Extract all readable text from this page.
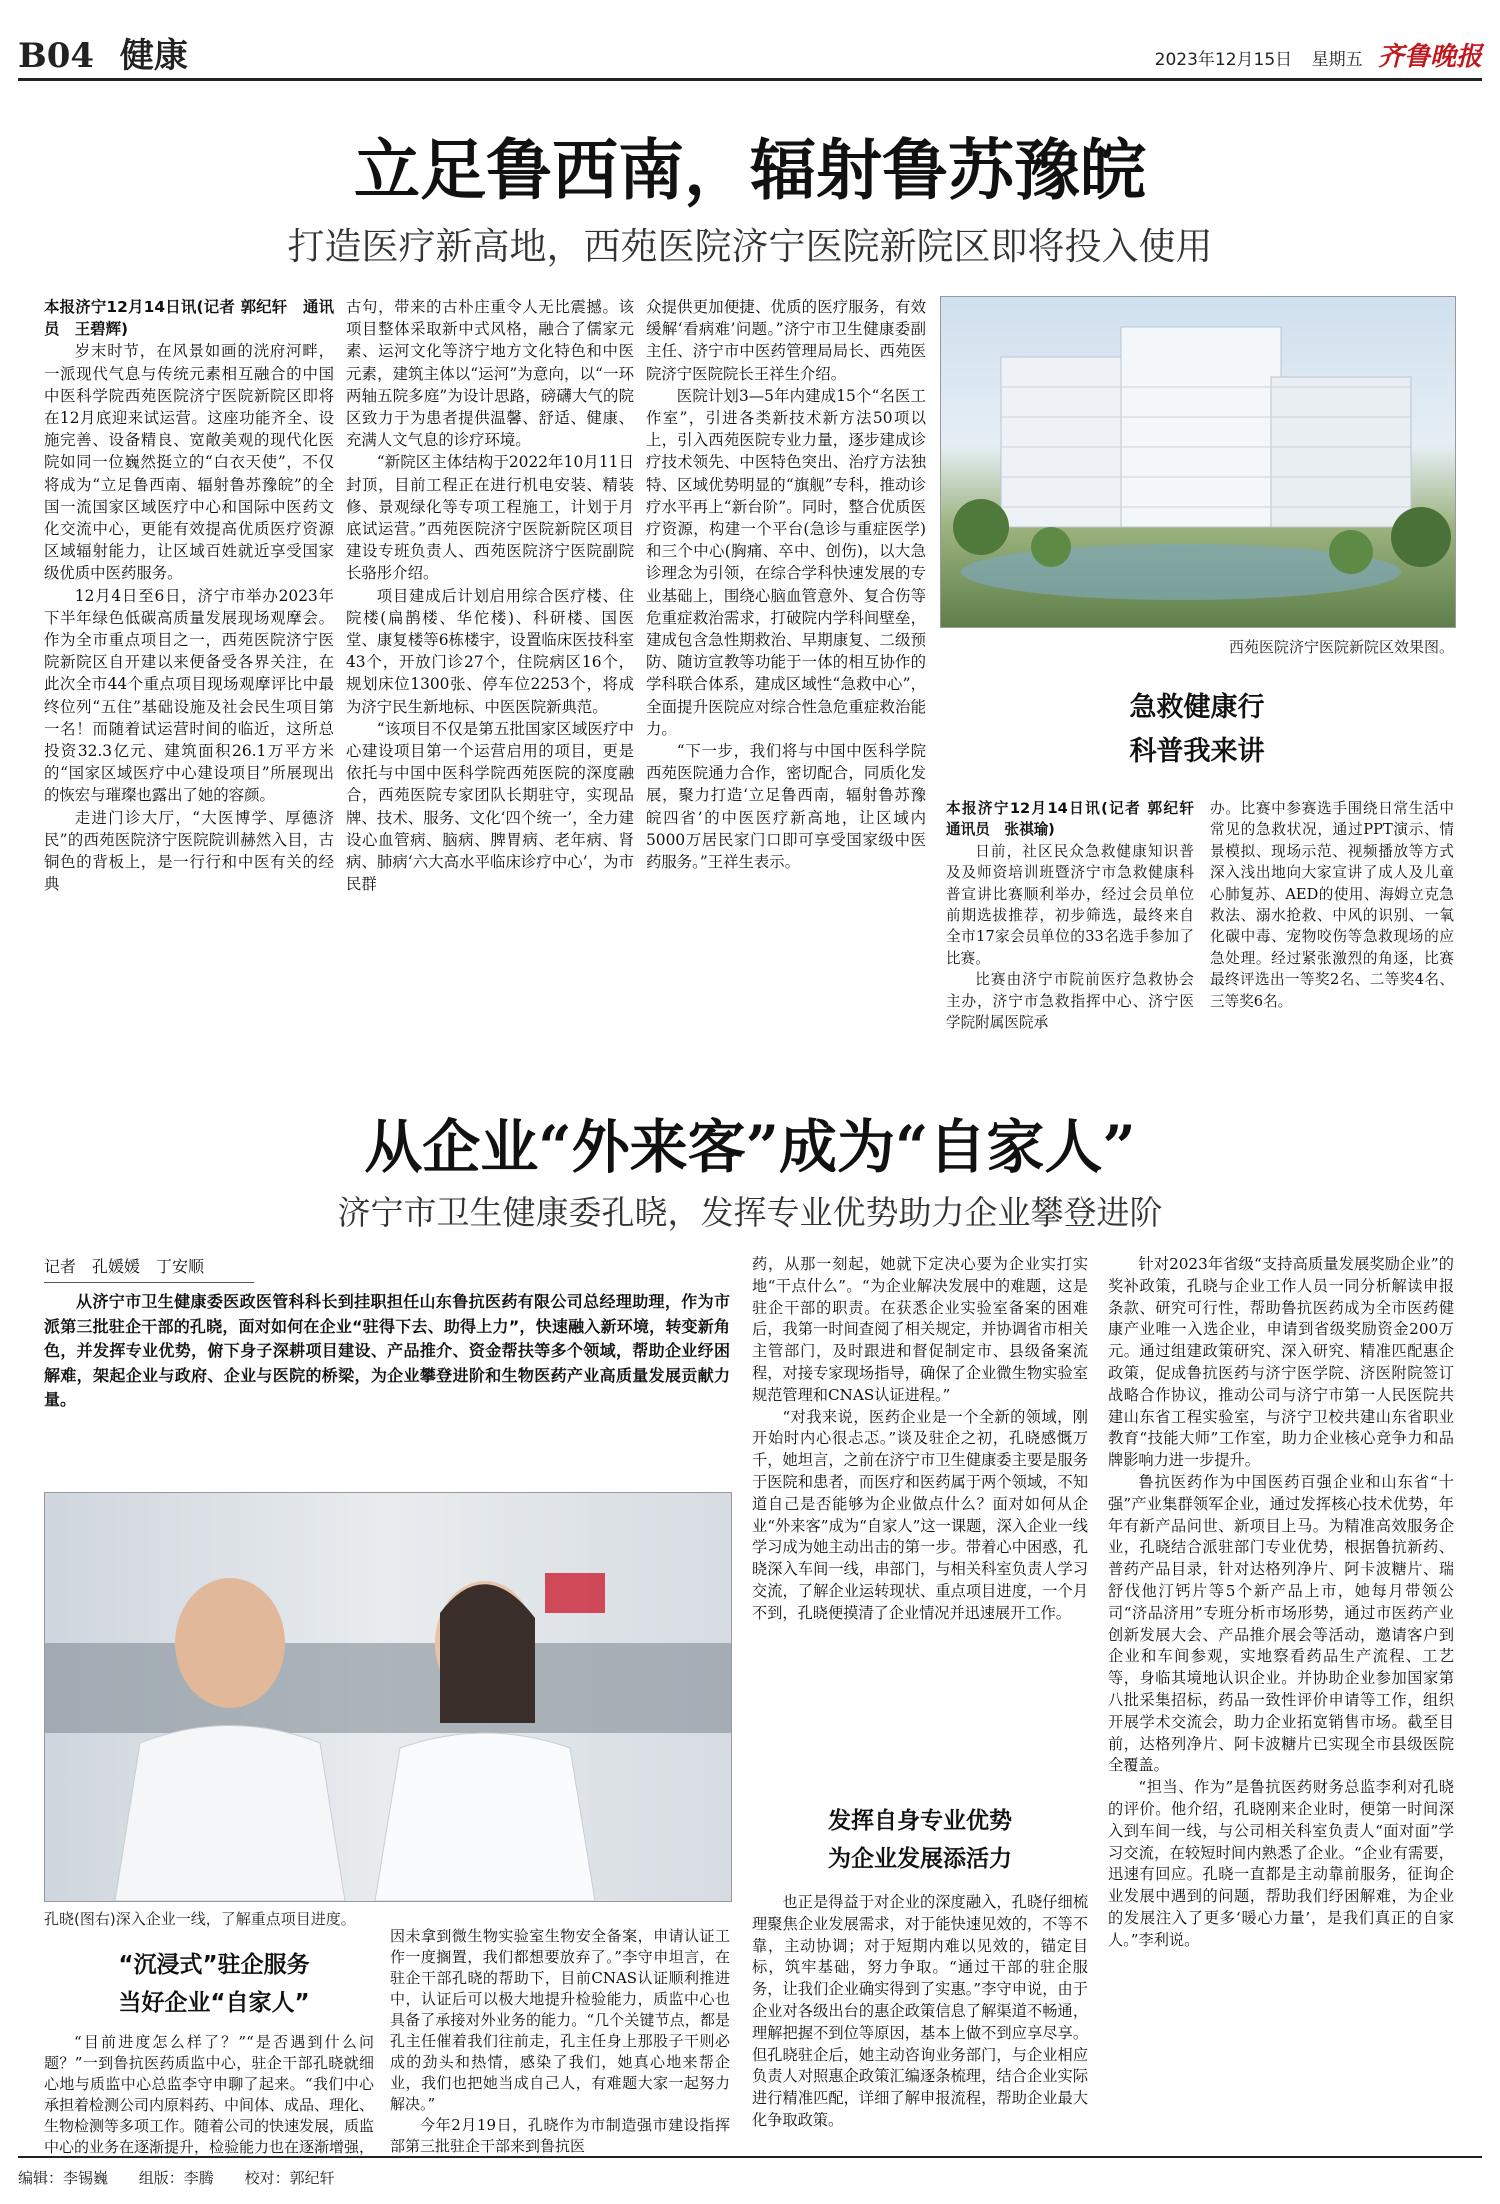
B04 健康	2023年12月15日 星期五 齐鲁晚报
立足鲁西南，辐射鲁苏豫皖
打造医疗新高地，西苑医院济宁医院新院区即将投入使用

本报济宁12月14日讯(记者 郭纪轩　通讯员　王碧辉)

岁末时节，在风景如画的洸府河畔，一派现代气息与传统元素相互融合的中国中医科学院西苑医院济宁医院新院区即将在12月底迎来试运营。这座功能齐全、设施完善、设备精良、宽敞美观的现代化医院如同一位巍然挺立的“白衣天使”，不仅将成为“立足鲁西南、辐射鲁苏豫皖”的全国一流国家区域医疗中心和国际中医药文化交流中心，更能有效提高优质医疗资源区域辐射能力，让区域百姓就近享受国家级优质中医药服务。

12月4日至6日，济宁市举办2023年下半年绿色低碳高质量发展现场观摩会。作为全市重点项目之一，西苑医院济宁医院新院区自开建以来便备受各界关注，在此次全市44个重点项目现场观摩评比中最终位列“五住”基础设施及社会民生项目第一名！而随着试运营时间的临近，这所总投资32.3亿元、建筑面积26.1万平方米的“国家区域医疗中心建设项目”所展现出的恢宏与璀璨也露出了她的容颜。

走进门诊大厅，“大医博学、厚德济民”的西苑医院济宁医院院训赫然入目，古铜色的背板上，是一行行和中医有关的经典

古句，带来的古朴庄重令人无比震撼。该项目整体采取新中式风格，融合了儒家元素、运河文化等济宁地方文化特色和中医元素，建筑主体以“运河”为意向，以“一环两轴五院多庭”为设计思路，磅礴大气的院区致力于为患者提供温馨、舒适、健康、充满人文气息的诊疗环境。

“新院区主体结构于2022年10月11日封顶，目前工程正在进行机电安装、精装修、景观绿化等专项工程施工，计划于月底试运营。”西苑医院济宁医院新院区项目建设专班负责人、西苑医院济宁医院副院长骆彤介绍。

项目建成后计划启用综合医疗楼、住院楼(扁鹊楼、华佗楼)、科研楼、国医堂、康复楼等6栋楼宇，设置临床医技科室43个，开放门诊27个，住院病区16个，规划床位1300张、停车位2253个，将成为济宁民生新地标、中医医院新典范。

“该项目不仅是第五批国家区域医疗中心建设项目第一个运营启用的项目，更是依托与中国中医科学院西苑医院的深度融合，西苑医院专家团队长期驻守，实现品牌、技术、服务、文化‘四个统一’，全力建设心血管病、脑病、脾胃病、老年病、肾病、肺病‘六大高水平临床诊疗中心’，为市民群

众提供更加便捷、优质的医疗服务，有效缓解‘看病难’问题。”济宁市卫生健康委副主任、济宁市中医药管理局局长、西苑医院济宁医院院长王祥生介绍。

医院计划3—5年内建成15个“名医工作室”，引进各类新技术新方法50项以上，引入西苑医院专业力量，逐步建成诊疗技术领先、中医特色突出、治疗方法独特、区域优势明显的“旗舰”专科，推动诊疗水平再上“新台阶”。同时，整合优质医疗资源，构建一个平台(急诊与重症医学)和三个中心(胸痛、卒中、创伤)，以大急诊理念为引领，在综合学科快速发展的专业基础上，围绕心脑血管意外、复合伤等危重症救治需求，打破院内学科间壁垒，建成包含急性期救治、早期康复、二级预防、随访宣教等功能于一体的相互协作的学科联合体系，建成区域性“急救中心”，全面提升医院应对综合性急危重症救治能力。

“下一步，我们将与中国中医科学院西苑医院通力合作，密切配合，同质化发展，聚力打造‘立足鲁西南，辐射鲁苏豫皖四省’的中医医疗新高地，让区域内5000万居民家门口即可享受国家级中医药服务。”王祥生表示。

西苑医院济宁医院新院区效果图。
急救健康行
科普我来讲

本报济宁12月14日讯(记者 郭纪轩　通讯员　张祺瑜)

日前，社区民众急救健康知识普及及师资培训班暨济宁市急救健康科普宣讲比赛顺利举办，经过会员单位前期选拔推荐，初步筛选，最终来自全市17家会员单位的33名选手参加了比赛。

比赛由济宁市院前医疗急救协会主办，济宁市急救指挥中心、济宁医学院附属医院承

办。比赛中参赛选手围绕日常生活中常见的急救状况，通过PPT演示、情景模拟、现场示范、视频播放等方式深入浅出地向大家宣讲了成人及儿童心肺复苏、AED的使用、海姆立克急救法、溺水抢救、中风的识别、一氧化碳中毒、宠物咬伤等急救现场的应急处理。经过紧张激烈的角逐，比赛最终评选出一等奖2名、二等奖4名、三等奖6名。

从企业“外来客”成为“自家人”
济宁市卫生健康委孔晓，发挥专业优势助力企业攀登进阶
记者　孔媛媛　丁安顺
从济宁市卫生健康委医政医管科科长到挂职担任山东鲁抗医药有限公司总经理助理，作为市派第三批驻企干部的孔晓，面对如何在企业“驻得下去、助得上力”，快速融入新环境，转变新角色，并发挥专业优势，俯下身子深耕项目建设、产品推介、资金帮扶等多个领域，帮助企业纾困解难，架起企业与政府、企业与医院的桥梁，为企业攀登进阶和生物医药产业高质量发展贡献力量。
孔晓(图右)深入企业一线，了解重点项目进度。
“沉浸式”驻企服务
当好企业“自家人”

“目前进度怎么样了？”“是否遇到什么问题？”一到鲁抗医药质监中心，驻企干部孔晓就细心地与质监中心总监李守申聊了起来。“我们中心承担着检测公司内原料药、中间体、成品、理化、生物检测等多项工作。随着公司的快速发展，质监中心的业务在逐渐提升，检验能力也在逐渐增强，

因未拿到微生物实验室生物安全备案，申请认证工作一度搁置，我们都想要放弃了。”李守申坦言，在驻企干部孔晓的帮助下，目前CNAS认证顺利推进中，认证后可以极大地提升检验能力，质监中心也具备了承接对外业务的能力。“几个关键节点，都是孔主任催着我们往前走，孔主任身上那股子干则必成的劲头和热情，感染了我们，她真心地来帮企业，我们也把她当成自己人，有难题大家一起努力解决。”

今年2月19日，孔晓作为市制造强市建设指挥部第三批驻企干部来到鲁抗医

药，从那一刻起，她就下定决心要为企业实打实地“干点什么”。“为企业解决发展中的难题，这是驻企干部的职责。在获悉企业实验室备案的困难后，我第一时间查阅了相关规定，并协调省市相关主管部门，及时跟进和督促制定市、县级备案流程，对接专家现场指导，确保了企业微生物实验室规范管理和CNAS认证进程。”

“对我来说，医药企业是一个全新的领域，刚开始时内心很忐忑。”谈及驻企之初，孔晓感慨万千，她坦言，之前在济宁市卫生健康委主要是服务于医院和患者，而医疗和医药属于两个领域，不知道自己是否能够为企业做点什么？面对如何从企业“外来客”成为“自家人”这一课题，深入企业一线学习成为她主动出击的第一步。带着心中困惑，孔晓深入车间一线，串部门，与相关科室负责人学习交流，了解企业运转现状、重点项目进度，一个月不到，孔晓便摸清了企业情况并迅速展开工作。

发挥自身专业优势
为企业发展添活力

也正是得益于对企业的深度融入，孔晓仔细梳理聚焦企业发展需求，对于能快速见效的，不等不靠，主动协调；对于短期内难以见效的，锚定目标，筑牢基础，努力争取。“通过干部的驻企服务，让我们企业确实得到了实惠。”李守申说，由于企业对各级出台的惠企政策信息了解渠道不畅通，理解把握不到位等原因，基本上做不到应享尽享。但孔晓驻企后，她主动咨询业务部门，与企业相应负责人对照惠企政策汇编逐条梳理，结合企业实际进行精准匹配，详细了解申报流程，帮助企业最大化争取政策。

针对2023年省级“支持高质量发展奖励企业”的奖补政策，孔晓与企业工作人员一同分析解读申报条款、研究可行性，帮助鲁抗医药成为全市医药健康产业唯一入选企业，申请到省级奖励资金200万元。通过组建政策研究、深入研究、精准匹配惠企政策，促成鲁抗医药与济宁医学院、济医附院签订战略合作协议，推动公司与济宁市第一人民医院共建山东省工程实验室，与济宁卫校共建山东省职业教育“技能大师”工作室，助力企业核心竞争力和品牌影响力进一步提升。

鲁抗医药作为中国医药百强企业和山东省“十强”产业集群领军企业，通过发挥核心技术优势，年年有新产品问世、新项目上马。为精准高效服务企业，孔晓结合派驻部门专业优势，根据鲁抗新药、普药产品目录，针对达格列净片、阿卡波糖片、瑞舒伐他汀钙片等5个新产品上市，她每月带领公司“济品济用”专班分析市场形势，通过市医药产业创新发展大会、产品推介展会等活动，邀请客户到企业和车间参观，实地察看药品生产流程、工艺等，身临其境地认识企业。并协助企业参加国家第八批采集招标，药品一致性评价申请等工作，组织开展学术交流会，助力企业拓宽销售市场。截至目前，达格列净片、阿卡波糖片已实现全市县级医院全覆盖。

“担当、作为”是鲁抗医药财务总监李利对孔晓的评价。他介绍，孔晓刚来企业时，便第一时间深入到车间一线，与公司相关科室负责人“面对面”学习交流，在较短时间内熟悉了企业。“企业有需要，迅速有回应。孔晓一直都是主动靠前服务，征询企业发展中遇到的问题，帮助我们纾困解难，为企业的发展注入了更多‘暖心力量’，是我们真正的自家人。”李利说。

编辑：李锡巍 组版：李腾 校对：郭纪轩
